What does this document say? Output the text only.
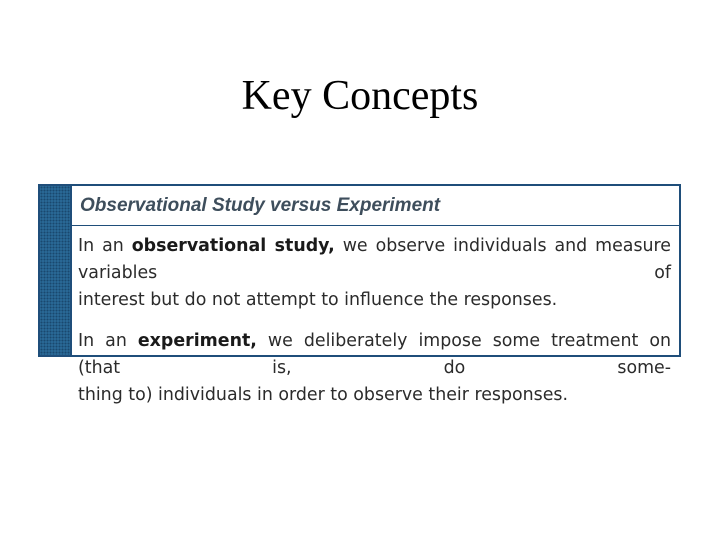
Key Concepts
Observational Study versus Experiment

In an observational study, we observe individuals and measure variables of
interest but do not attempt to influence the responses.

In an experiment, we deliberately impose some treatment on (that is, do some-
thing to) individuals in order to observe their responses.
